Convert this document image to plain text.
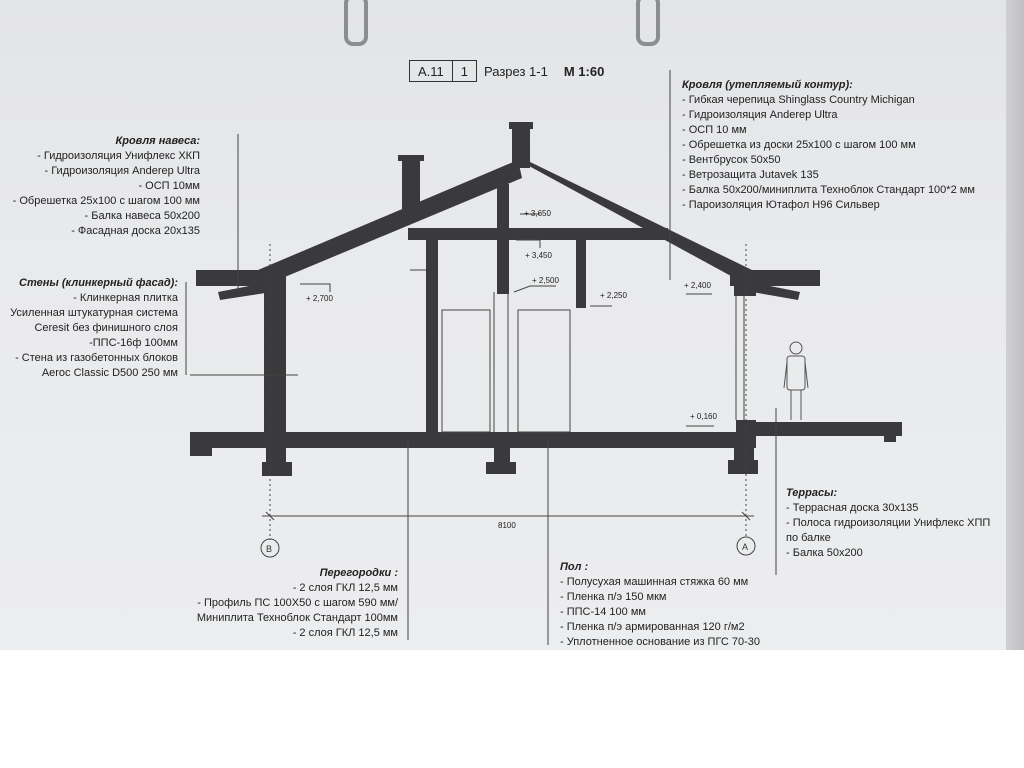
А.11	1	Разрез 1-1	М 1:60
+ 3,650
+ 3,450
+ 2,700
+ 2,500
+ 2,250
+ 2,400
+ 0,160
8100
В	А
Кровля навеса:
- Гидроизоляция Унифлекс ХКП
- Гидроизоляция Anderep Ultra
- ОСП 10мм
- Обрешетка 25х100 с шагом 100 мм
- Балка навеса 50х200
- Фасадная доска 20х135
Стены (клинкерный фасад):
- Клинкерная плитка
Усиленная штукатурная система
Ceresit без финишного слоя
-ППС-16ф 100мм
- Стена из газобетонных блоков
Aeroc Classic D500 250 мм
Кровля (утепляемый контур):
- Гибкая черепица Shinglass Country Michigan
- Гидроизоляция Anderep Ultra
- ОСП 10 мм
- Обрешетка из доски 25х100 с шагом 100 мм
- Вентбрусок 50х50
- Ветрозащита Jutavek 135
- Балка 50х200/миниплита Техноблок Стандарт 100*2 мм
- Пароизоляция Ютафол Н96 Сильвер
Террасы:
- Террасная доска 30х135
- Полоса гидроизоляции Унифлекс ХПП
по балке
- Балка 50х200
Перегородки :
- 2 слоя ГКЛ 12,5 мм
- Профиль ПС 100Х50 с шагом 590 мм/
Миниплита Техноблок Стандарт 100мм
- 2 слоя ГКЛ 12,5 мм
Пол :
- Полусухая машинная стяжка 60 мм
- Пленка п/э 150 мкм
- ППС-14 100 мм
- Пленка п/э армированная 120 г/м2
- Уплотненное основание из ПГС 70-30
